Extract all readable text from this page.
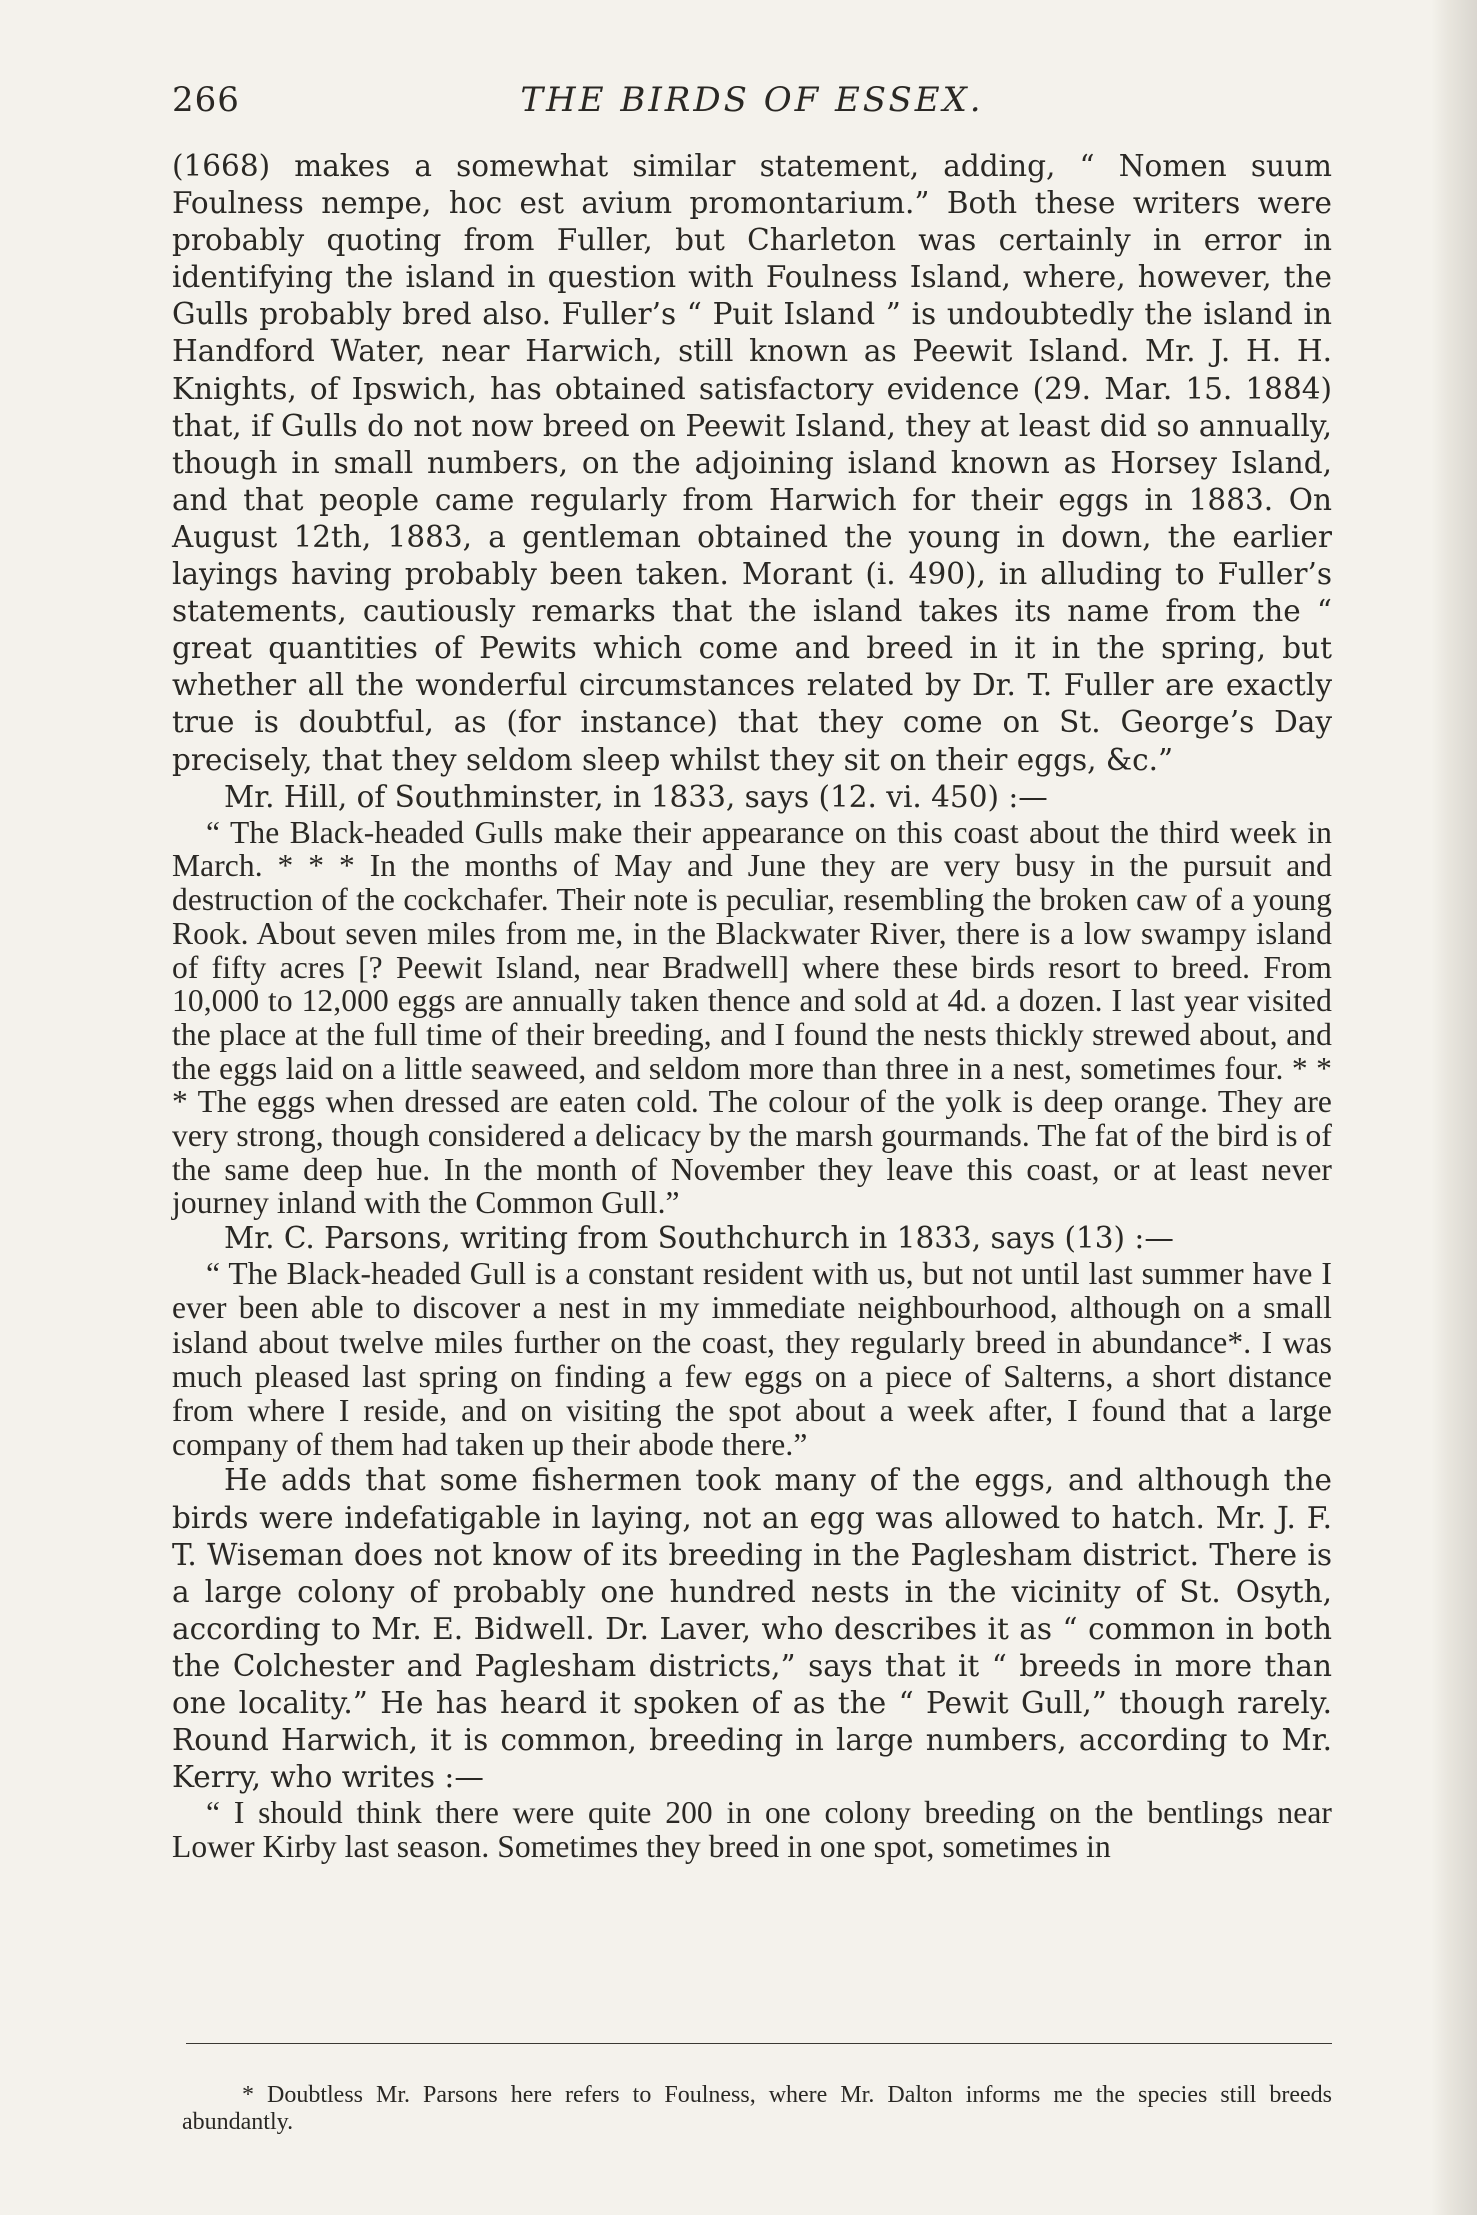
266	THE BIRDS OF ESSEX.

(1668) makes a somewhat similar statement, adding, “ Nomen suum Foulness nempe, hoc est avium promontarium.” Both these writers were probably quoting from Fuller, but Charleton was certainly in error in identifying the island in question with Foulness Island, where, however, the Gulls probably bred also. Fuller’s “ Puit Island ” is undoubtedly the island in Handford Water, near Harwich, still known as Peewit Island. Mr. J. H. H. Knights, of Ipswich, has obtained satisfactory evidence (29. Mar. 15. 1884) that, if Gulls do not now breed on Peewit Island, they at least did so annually, though in small numbers, on the adjoining island known as Horsey Island, and that people came regularly from Harwich for their eggs in 1883. On August 12th, 1883, a gentleman obtained the young in down, the earlier layings having probably been taken. Morant (i. 490), in alluding to Fuller’s statements, cautiously remarks that the island takes its name from the “ great quantities of Pewits which come and breed in it in the spring, but whether all the wonderful circumstances related by Dr. T. Fuller are exactly true is doubtful, as (for instance) that they come on St. George’s Day precisely, that they seldom sleep whilst they sit on their eggs, &c.”

Mr. Hill, of Southminster, in 1833, says (12. vi. 450) :—

“ The Black-headed Gulls make their appearance on this coast about the third week in March. * * * In the months of May and June they are very busy in the pursuit and destruction of the cockchafer. Their note is peculiar, resembling the broken caw of a young Rook. About seven miles from me, in the Blackwater River, there is a low swampy island of fifty acres [? Peewit Island, near Bradwell] where these birds resort to breed. From 10,000 to 12,000 eggs are annually taken thence and sold at 4d. a dozen. I last year visited the place at the full time of their breeding, and I found the nests thickly strewed about, and the eggs laid on a little seaweed, and seldom more than three in a nest, sometimes four. * * * The eggs when dressed are eaten cold. The colour of the yolk is deep orange. They are very strong, though considered a delicacy by the marsh gourmands. The fat of the bird is of the same deep hue. In the month of November they leave this coast, or at least never journey inland with the Common Gull.”

Mr. C. Parsons, writing from Southchurch in 1833, says (13) :—

“ The Black-headed Gull is a constant resident with us, but not until last summer have I ever been able to discover a nest in my immediate neighbourhood, although on a small island about twelve miles further on the coast, they regularly breed in abundance*. I was much pleased last spring on finding a few eggs on a piece of Salterns, a short distance from where I reside, and on visiting the spot about a week after, I found that a large company of them had taken up their abode there.”

He adds that some fishermen took many of the eggs, and although the birds were indefatigable in laying, not an egg was allowed to hatch. Mr. J. F. T. Wiseman does not know of its breeding in the Paglesham district. There is a large colony of probably one hundred nests in the vicinity of St. Osyth, according to Mr. E. Bidwell. Dr. Laver, who describes it as “ common in both the Colchester and Paglesham districts,” says that it “ breeds in more than one locality.” He has heard it spoken of as the “ Pewit Gull,” though rarely. Round Harwich, it is common, breeding in large numbers, according to Mr. Kerry, who writes :—

“ I should think there were quite 200 in one colony breeding on the bentlings near Lower Kirby last season. Sometimes they breed in one spot, sometimes in

* Doubtless Mr. Parsons here refers to Foulness, where Mr. Dalton informs me the species still breeds abundantly.
